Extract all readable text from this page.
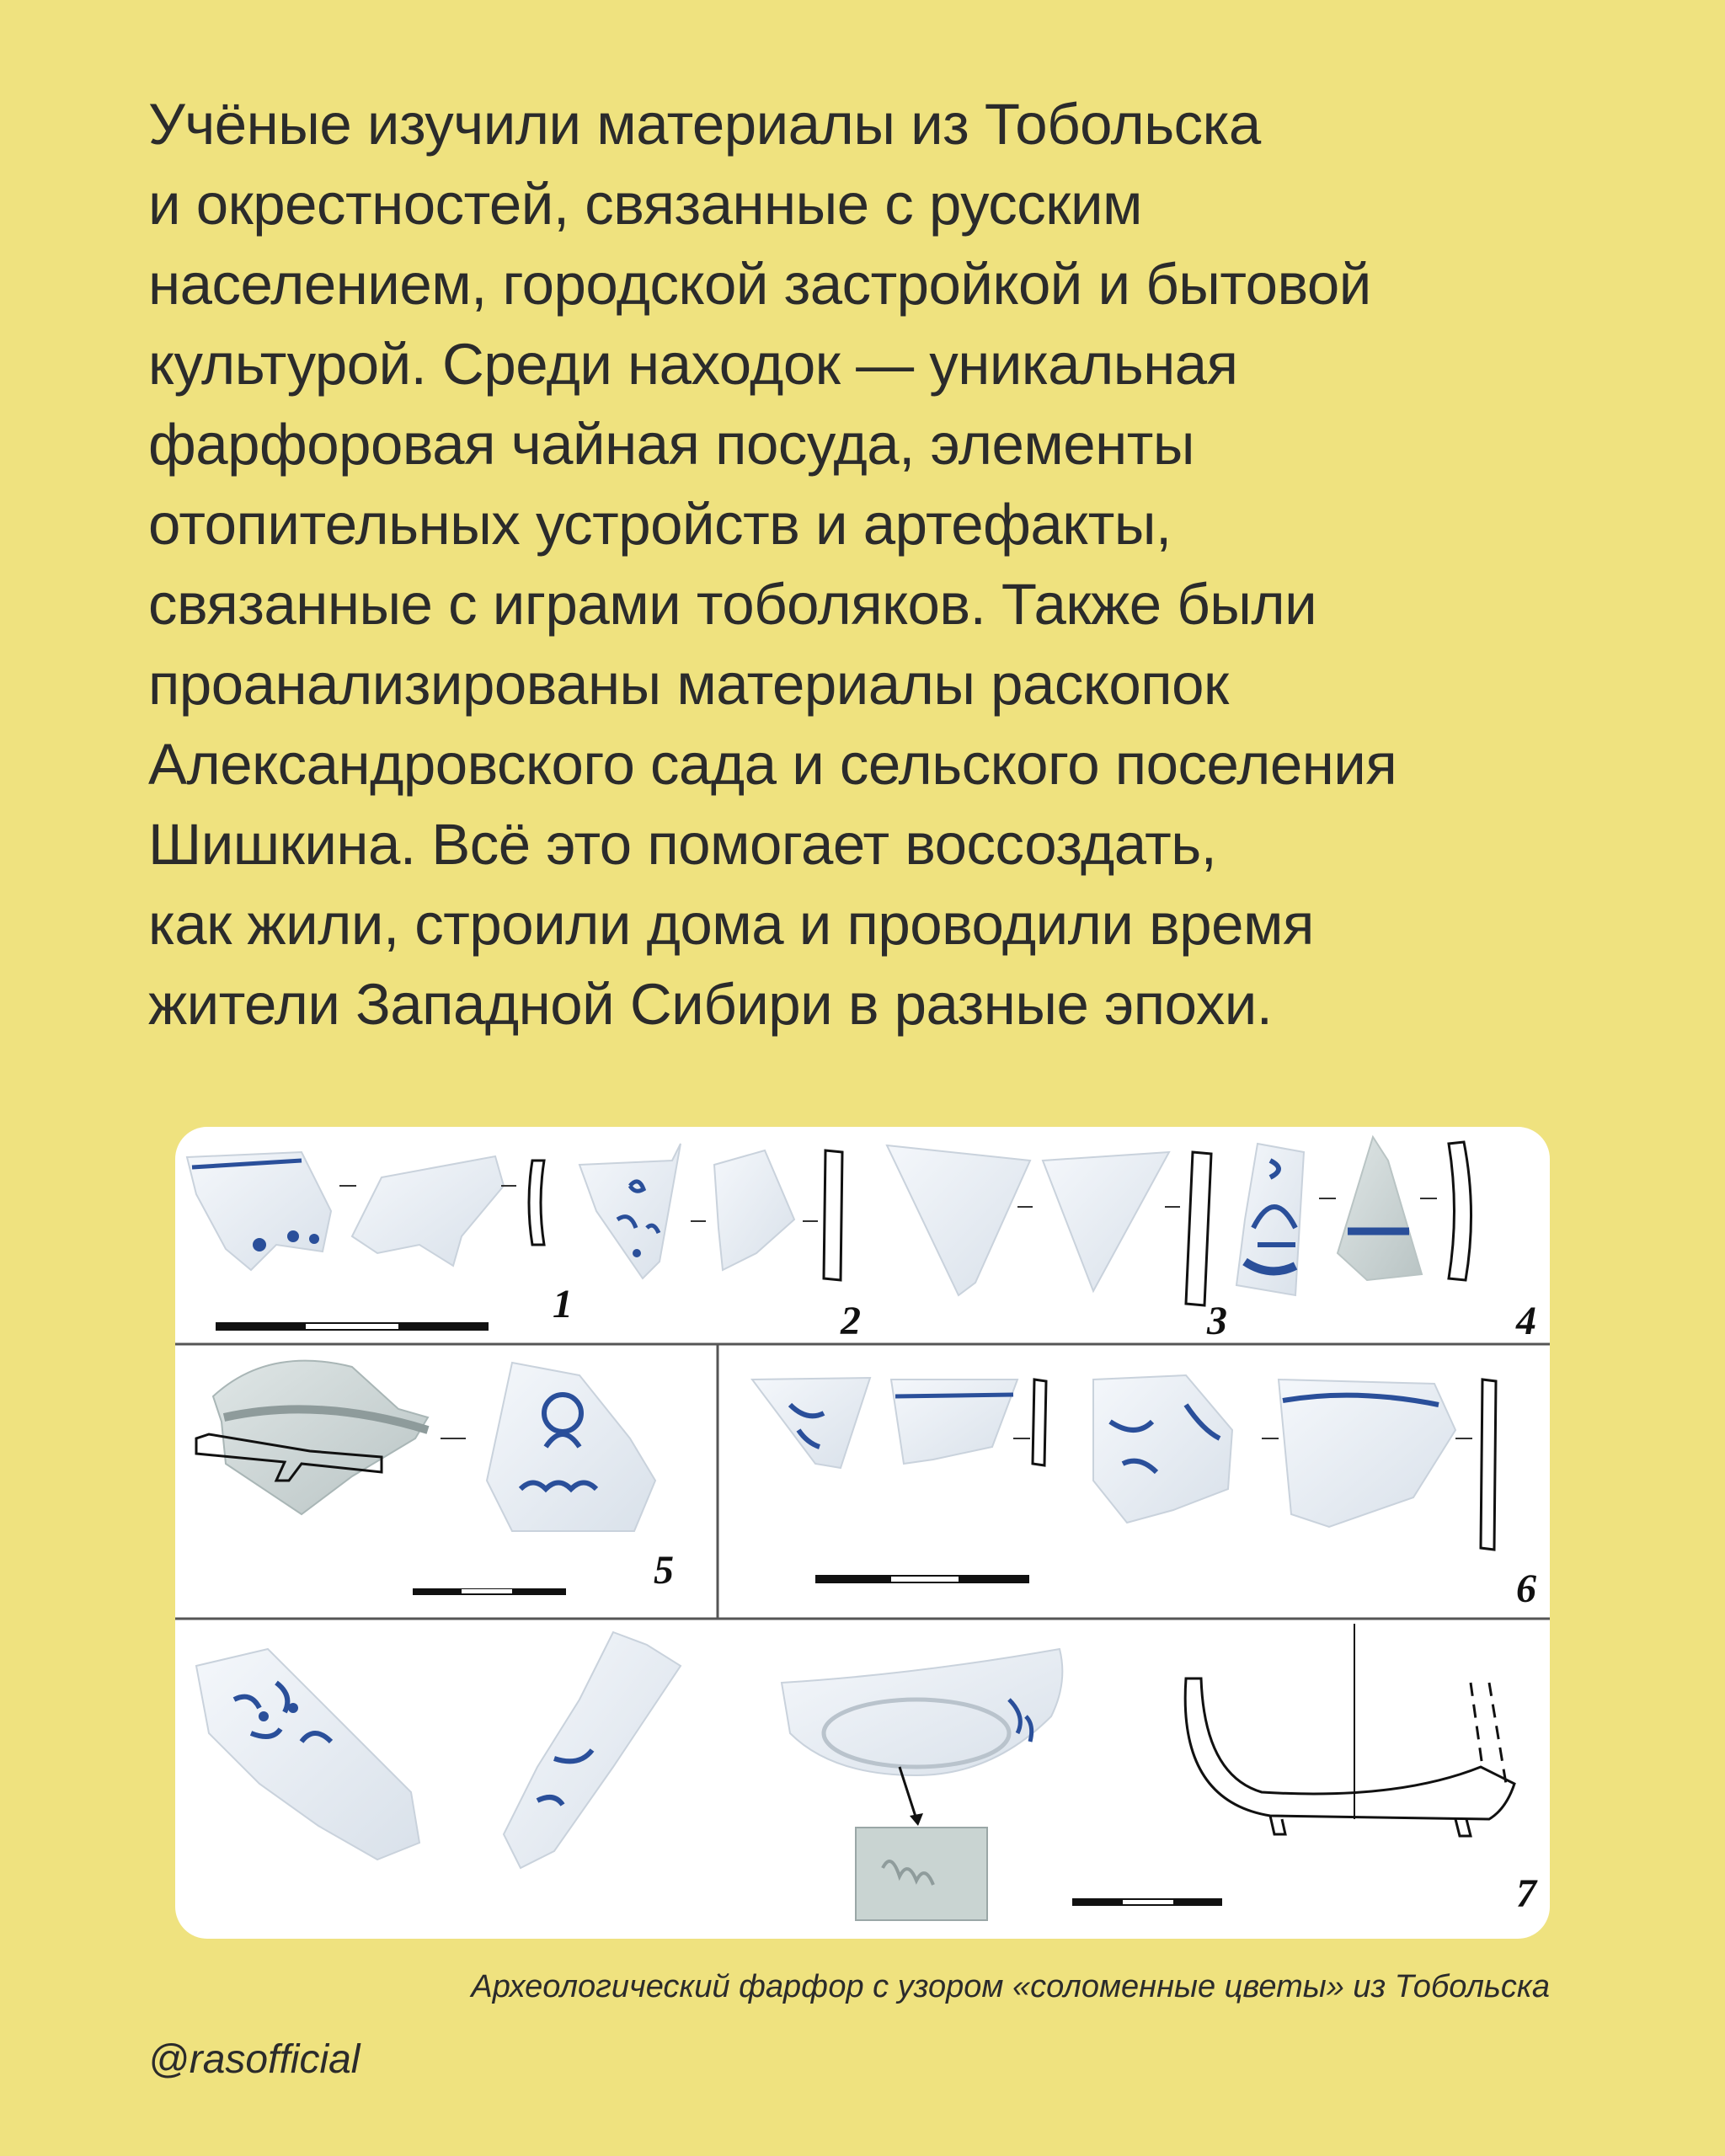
Учёные изучили материалы из Тобольска
и окрестностей, связанные с русским
населением, городской застройкой и бытовой
культурой. Среди находок — уникальная
фарфоровая чайная посуда, элементы
отопительных устройств и артефакты,
связанные с играми тоболяков. Также были
проанализированы материалы раскопок
Александровского сада и сельского поселения
Шишкина. Всё это помогает воссоздать,
как жили, строили дома и проводили время
жители Западной Сибири в разные эпохи.

1	2	3	4
5	6
7
Археологический фарфор с узором «соломенные цветы» из Тобольска
@rasofficial
